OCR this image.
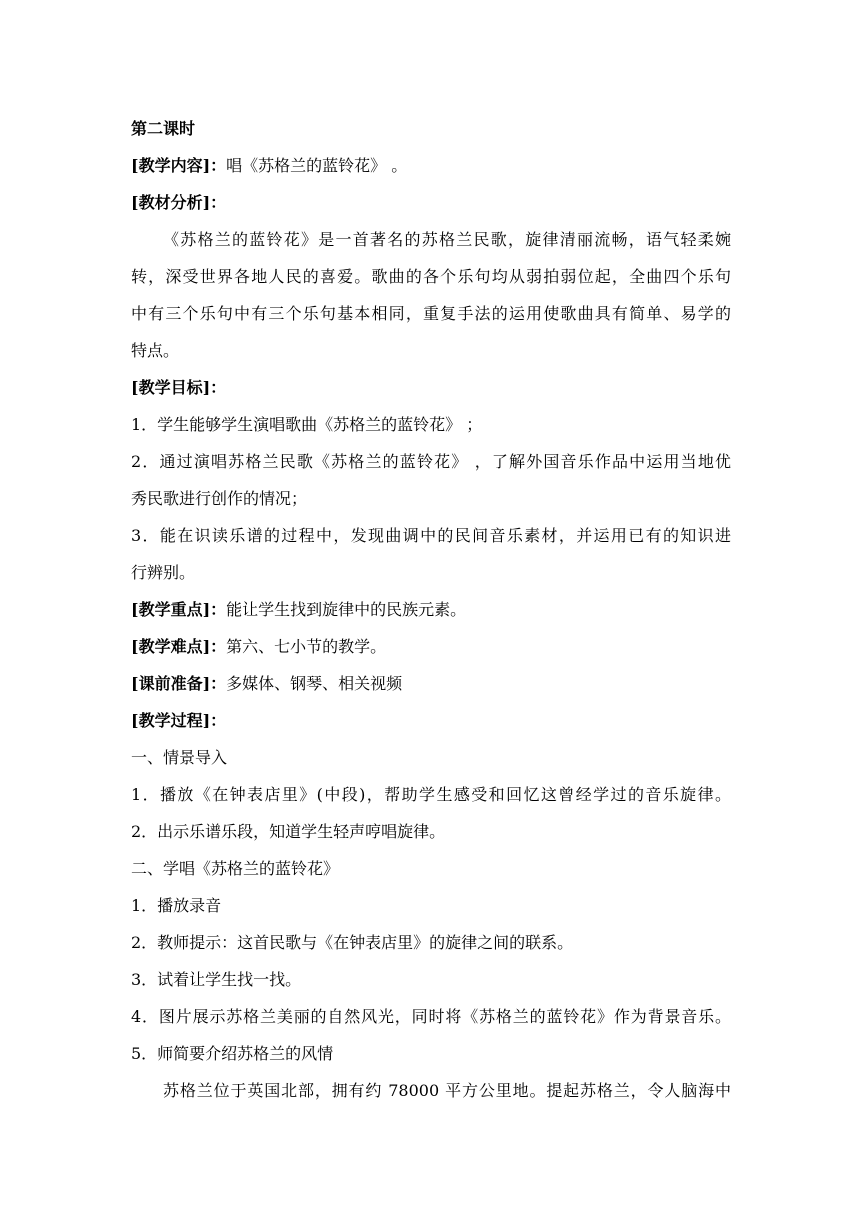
第二课时
[教学内容]：唱《苏格兰的蓝铃花》 。
[教材分析]：
《苏格兰的蓝铃花》是一首著名的苏格兰民歌，旋律清丽流畅，语气轻柔婉
转，深受世界各地人民的喜爱。歌曲的各个乐句均从弱拍弱位起，全曲四个乐句
中有三个乐句中有三个乐句基本相同，重复手法的运用使歌曲具有简单、易学的
特点。
[教学目标]：
1．学生能够学生演唱歌曲《苏格兰的蓝铃花》 ；
2．通过演唱苏格兰民歌《苏格兰的蓝铃花》 ，了解外国音乐作品中运用当地优
秀民歌进行创作的情况；
3．能在识读乐谱的过程中，发现曲调中的民间音乐素材，并运用已有的知识进
行辨别。
[教学重点]：能让学生找到旋律中的民族元素。
[教学难点]：第六、七小节的教学。
[课前准备]：多媒体、钢琴、相关视频
[教学过程]：
一、情景导入
1．播放《在钟表店里》(中段)，帮助学生感受和回忆这曾经学过的音乐旋律。
2．出示乐谱乐段，知道学生轻声哼唱旋律。
二、学唱《苏格兰的蓝铃花》
1．播放录音
2．教师提示：这首民歌与《在钟表店里》的旋律之间的联系。
3．试着让学生找一找。
4．图片展示苏格兰美丽的自然风光，同时将《苏格兰的蓝铃花》作为背景音乐。
5．师简要介绍苏格兰的风情
苏格兰位于英国北部，拥有约 78000 平方公里地。提起苏格兰，令人脑海中
